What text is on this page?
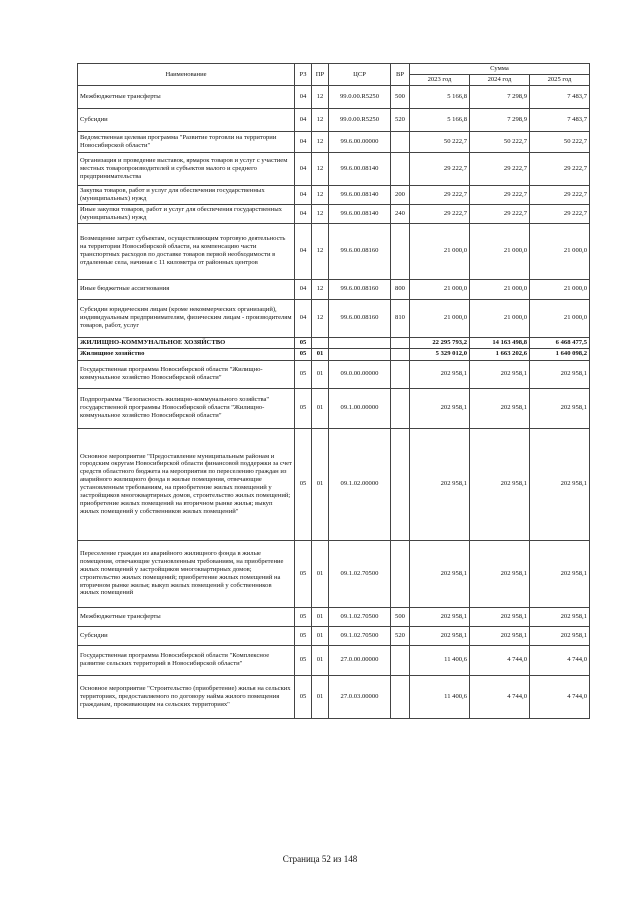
Наименование	РЗ	ПР	ЦСР	ВР	Сумма		
					2023 год	2024 год	2025 год
Межбюджетные трансферты	04	12	99.0.00.R5250	500	5 166,8	7 298,9	7 483,7
Субсидии	04	12	99.0.00.R5250	520	5 166,8	7 298,9	7 483,7
Ведомственная целевая программа "Развитие торговли на территории Новосибирской области"	04	12	99.6.00.00000		50 222,7	50 222,7	50 222,7
Организация и проведение выставок, ярмарок товаров и услуг с участием местных товаропроизводителей и субъектов малого и среднего предпринимательства	04	12	99.6.00.08140		29 222,7	29 222,7	29 222,7
Закупка товаров, работ и услуг для обеспечения государственных (муниципальных) нужд	04	12	99.6.00.08140	200	29 222,7	29 222,7	29 222,7
Иные закупки товаров, работ и услуг для обеспечения государственных (муниципальных) нужд	04	12	99.6.00.08140	240	29 222,7	29 222,7	29 222,7
Возмещение затрат субъектам, осуществляющим торговую деятельность на территории Новосибирской области, на компенсацию части транспортных расходов по доставке товаров первой необходимости в отдаленные села, начиная с 11 километра от районных центров	04	12	99.6.00.08160		21 000,0	21 000,0	21 000,0
Иные бюджетные ассигнования	04	12	99.6.00.08160	800	21 000,0	21 000,0	21 000,0
Субсидии юридическим лицам (кроме некоммерческих организаций), индивидуальным предпринимателям, физическим лицам - производителям товаров, работ, услуг	04	12	99.6.00.08160	810	21 000,0	21 000,0	21 000,0
ЖИЛИЩНО-КОММУНАЛЬНОЕ ХОЗЯЙСТВО	05				22 295 793,2	14 163 498,8	6 468 477,5
Жилищное хозяйство	05	01			5 329 012,0	1 663 202,6	1 640 098,2
Государственная программа Новосибирской области "Жилищно-коммунальное хозяйство Новосибирской области"	05	01	09.0.00.00000		202 958,1	202 958,1	202 958,1
Подпрограмма "Безопасность жилищно-коммунального хозяйства" государственной программы Новосибирской области "Жилищно-коммунальное хозяйство Новосибирской области"	05	01	09.1.00.00000		202 958,1	202 958,1	202 958,1
Основное мероприятие "Предоставление муниципальным районам и городским округам Новосибирской области финансовой поддержки за счет средств областного бюджета на мероприятия по переселению граждан из аварийного жилищного фонда в жилые помещения, отвечающие установленным требованиям, на приобретение жилых помещений у застройщиков многоквартирных домов, строительство жилых помещений; приобретение жилых помещений на вторичном рынке жилья; выкуп жилых помещений у собственников жилых помещений"	05	01	09.1.02.00000		202 958,1	202 958,1	202 958,1
Переселение граждан из аварийного жилищного фонда в жилые помещения, отвечающие установленным требованиям, на приобретение жилых помещений у застройщиков многоквартирных домов; строительство жилых помещений; приобретение жилых помещений на вторичном рынке жилья; выкуп жилых помещений у собственников жилых помещений	05	01	09.1.02.70500		202 958,1	202 958,1	202 958,1
Межбюджетные трансферты	05	01	09.1.02.70500	500	202 958,1	202 958,1	202 958,1
Субсидии	05	01	09.1.02.70500	520	202 958,1	202 958,1	202 958,1
Государственная программа Новосибирской области "Комплексное развитие сельских территорий в Новосибирской области"	05	01	27.0.00.00000		11 400,6	4 744,0	4 744,0
Основное мероприятие "Строительство (приобретение) жилья на сельских территориях, предоставляемого по договору найма жилого помещения гражданам, проживающим на сельских территориях"	05	01	27.0.03.00000		11 400,6	4 744,0	4 744,0
Страница 52 из 148
